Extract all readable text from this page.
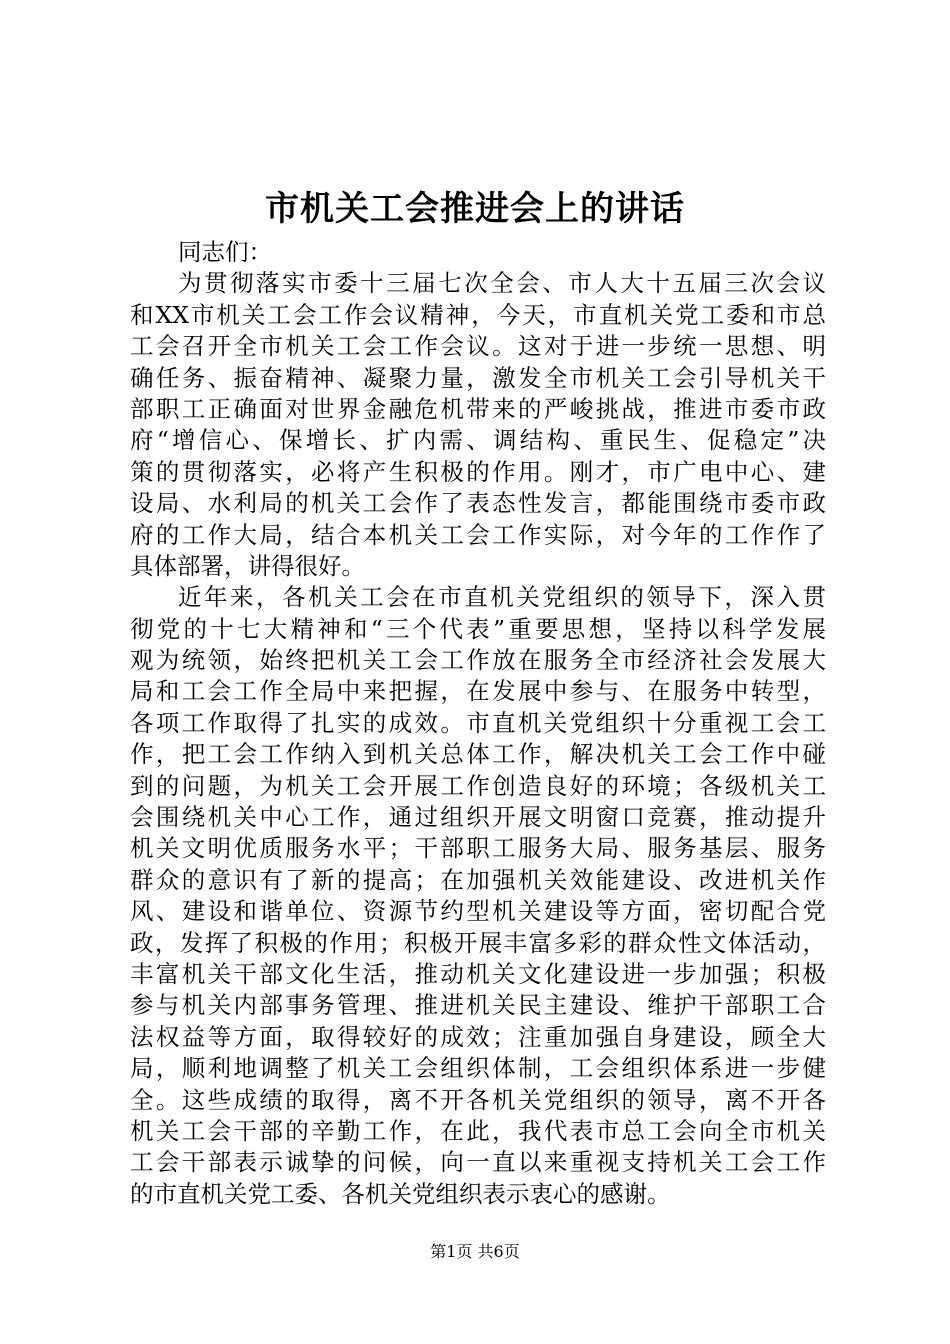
市机关工会推进会上的讲话
同志们：
为贯彻落实市委十三届七次全会、市人大十五届三次会议
和XX市机关工会工作会议精神，今天，市直机关党工委和市总
工会召开全市机关工会工作会议。这对于进一步统一思想、明
确任务、振奋精神、凝聚力量，激发全市机关工会引导机关干
部职工正确面对世界金融危机带来的严峻挑战，推进市委市政
府“增信心、保增长、扩内需、调结构、重民生、促稳定”决
策的贯彻落实，必将产生积极的作用。刚才，市广电中心、建
设局、水利局的机关工会作了表态性发言，都能围绕市委市政
府的工作大局，结合本机关工会工作实际，对今年的工作作了
具体部署，讲得很好。
近年来，各机关工会在市直机关党组织的领导下，深入贯
彻党的十七大精神和“三个代表”重要思想，坚持以科学发展
观为统领，始终把机关工会工作放在服务全市经济社会发展大
局和工会工作全局中来把握，在发展中参与、在服务中转型，
各项工作取得了扎实的成效。市直机关党组织十分重视工会工
作，把工会工作纳入到机关总体工作，解决机关工会工作中碰
到的问题，为机关工会开展工作创造良好的环境；各级机关工
会围绕机关中心工作，通过组织开展文明窗口竞赛，推动提升
机关文明优质服务水平；干部职工服务大局、服务基层、服务
群众的意识有了新的提高；在加强机关效能建设、改进机关作
风、建设和谐单位、资源节约型机关建设等方面，密切配合党
政，发挥了积极的作用；积极开展丰富多彩的群众性文体活动，
丰富机关干部文化生活，推动机关文化建设进一步加强；积极
参与机关内部事务管理、推进机关民主建设、维护干部职工合
法权益等方面，取得较好的成效；注重加强自身建设，顾全大
局，顺利地调整了机关工会组织体制，工会组织体系进一步健
全。这些成绩的取得，离不开各机关党组织的领导，离不开各
机关工会干部的辛勤工作，在此，我代表市总工会向全市机关
工会干部表示诚挚的问候，向一直以来重视支持机关工会工作
的市直机关党工委、各机关党组织表示衷心的感谢。
第1页 共6页
